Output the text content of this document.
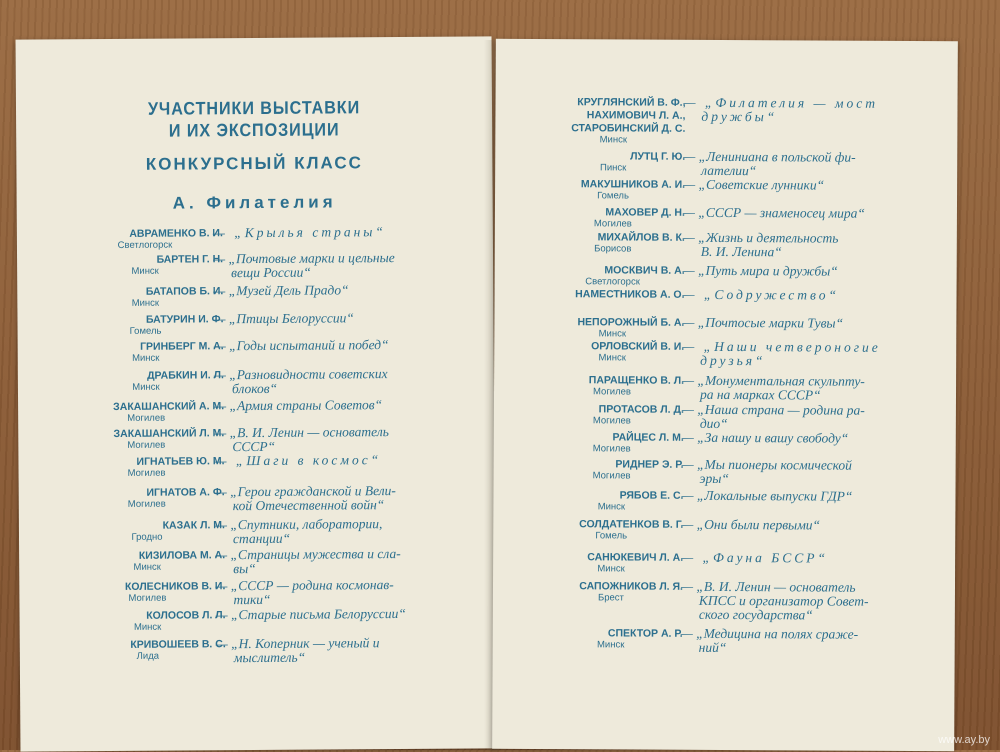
УЧАСТНИКИ ВЫСТАВКИ
И ИХ ЭКСПОЗИЦИИ
КОНКУРСНЫЙ КЛАСС
А. Филателия
АВРАМЕНКО В. И.
Светлогорск
— „Крылья страны“
БАРТЕН Г. Н.
Минск
— „Почтовые марки и цельные
вещи России“
БАТАПОВ Б. И.
Минск
— „Музей Дель Прадо“
БАТУРИН И. Ф.
Гомель
— „Птицы Белоруссии“
ГРИНБЕРГ М. А.
Минск
— „Годы испытаний и побед“
ДРАБКИН И. Л.
Минск
— „Разновидности советских
блоков“
ЗАКАШАНСКИЙ А. М.
Могилев
— „Армия страны Советов“
ЗАКАШАНСКИЙ Л. М.
Могилев
— „В. И. Ленин — основатель
СССР“
ИГНАТЬЕВ Ю. М.
Могилев
— „Шаги в космос“
ИГНАТОВ А. Ф.
Могилев
— „Герои гражданской и Вели-
кой Отечественной войн“
КАЗАК Л. М.
Гродно
— „Спутники, лаборатории,
станции“
КИЗИЛОВА М. А.
Минск
— „Страницы мужества и сла-
вы“
КОЛЕСНИКОВ В. И.
Могилев
— „СССР — родина космонав-
тики“
КОЛОСОВ Л. Л.
Минск
— „Старые письма Белоруссии“
КРИВОШЕЕВ В. С.
Лида
— „Н. Коперник — ученый и
мыслитель“
КРУГЛЯНСКИЙ В. Ф.,
— „Филателия — мост
дружбы“
НАХИМОВИЧ Л. А.,
СТАРОБИНСКИЙ Д. С.
Минск
ЛУТЦ Г. Ю.
Пинск
— „Лениниана в польской фи-
лателии“
МАКУШНИКОВ А. И.
Гомель
— „Советские лунники“
МАХОВЕР Д. Н.
Могилев
— „СССР — знаменосец мира“
МИХАЙЛОВ В. К.
Борисов
— „Жизнь и деятельность
В. И. Ленина“
МОСКВИЧ В. А.
Светлогорск
— „Путь мира и дружбы“
НАМЕСТНИКОВ А. О.
— „Содружество“
НЕПОРОЖНЫЙ Б. А.
Минск
— „Почтосые марки Тувы“
ОРЛОВСКИЙ В. И.
Минск
— „Наши четвероногие
друзья“
ПАРАЩЕНКО В. Л.
Могилев
— „Монументальная скульпту-
ра на марках СССР“
ПРОТАСОВ Л. Д.
Могилев
— „Наша страна — родина ра-
дио“
РАЙЦЕС Л. М.
Могилев
— „За нашу и вашу свободу“
РИДНЕР Э. Р.
Могилев
— „Мы пионеры космической
эры“
РЯБОВ Е. С.
Минск
— „Локальные выпуски ГДР“
СОЛДАТЕНКОВ В. Г.
Гомель
— „Они были первыми“
САНЮКЕВИЧ Л. А.
Минск
— „Фауна БССР“
САПОЖНИКОВ Л. Я.
Брест
— „В. И. Ленин — основатель
КПСС и организатор Совет-
ского государства“
СПЕКТОР А. Р.
Минск
— „Медицина на полях сраже-
ний“
www.ay.by
